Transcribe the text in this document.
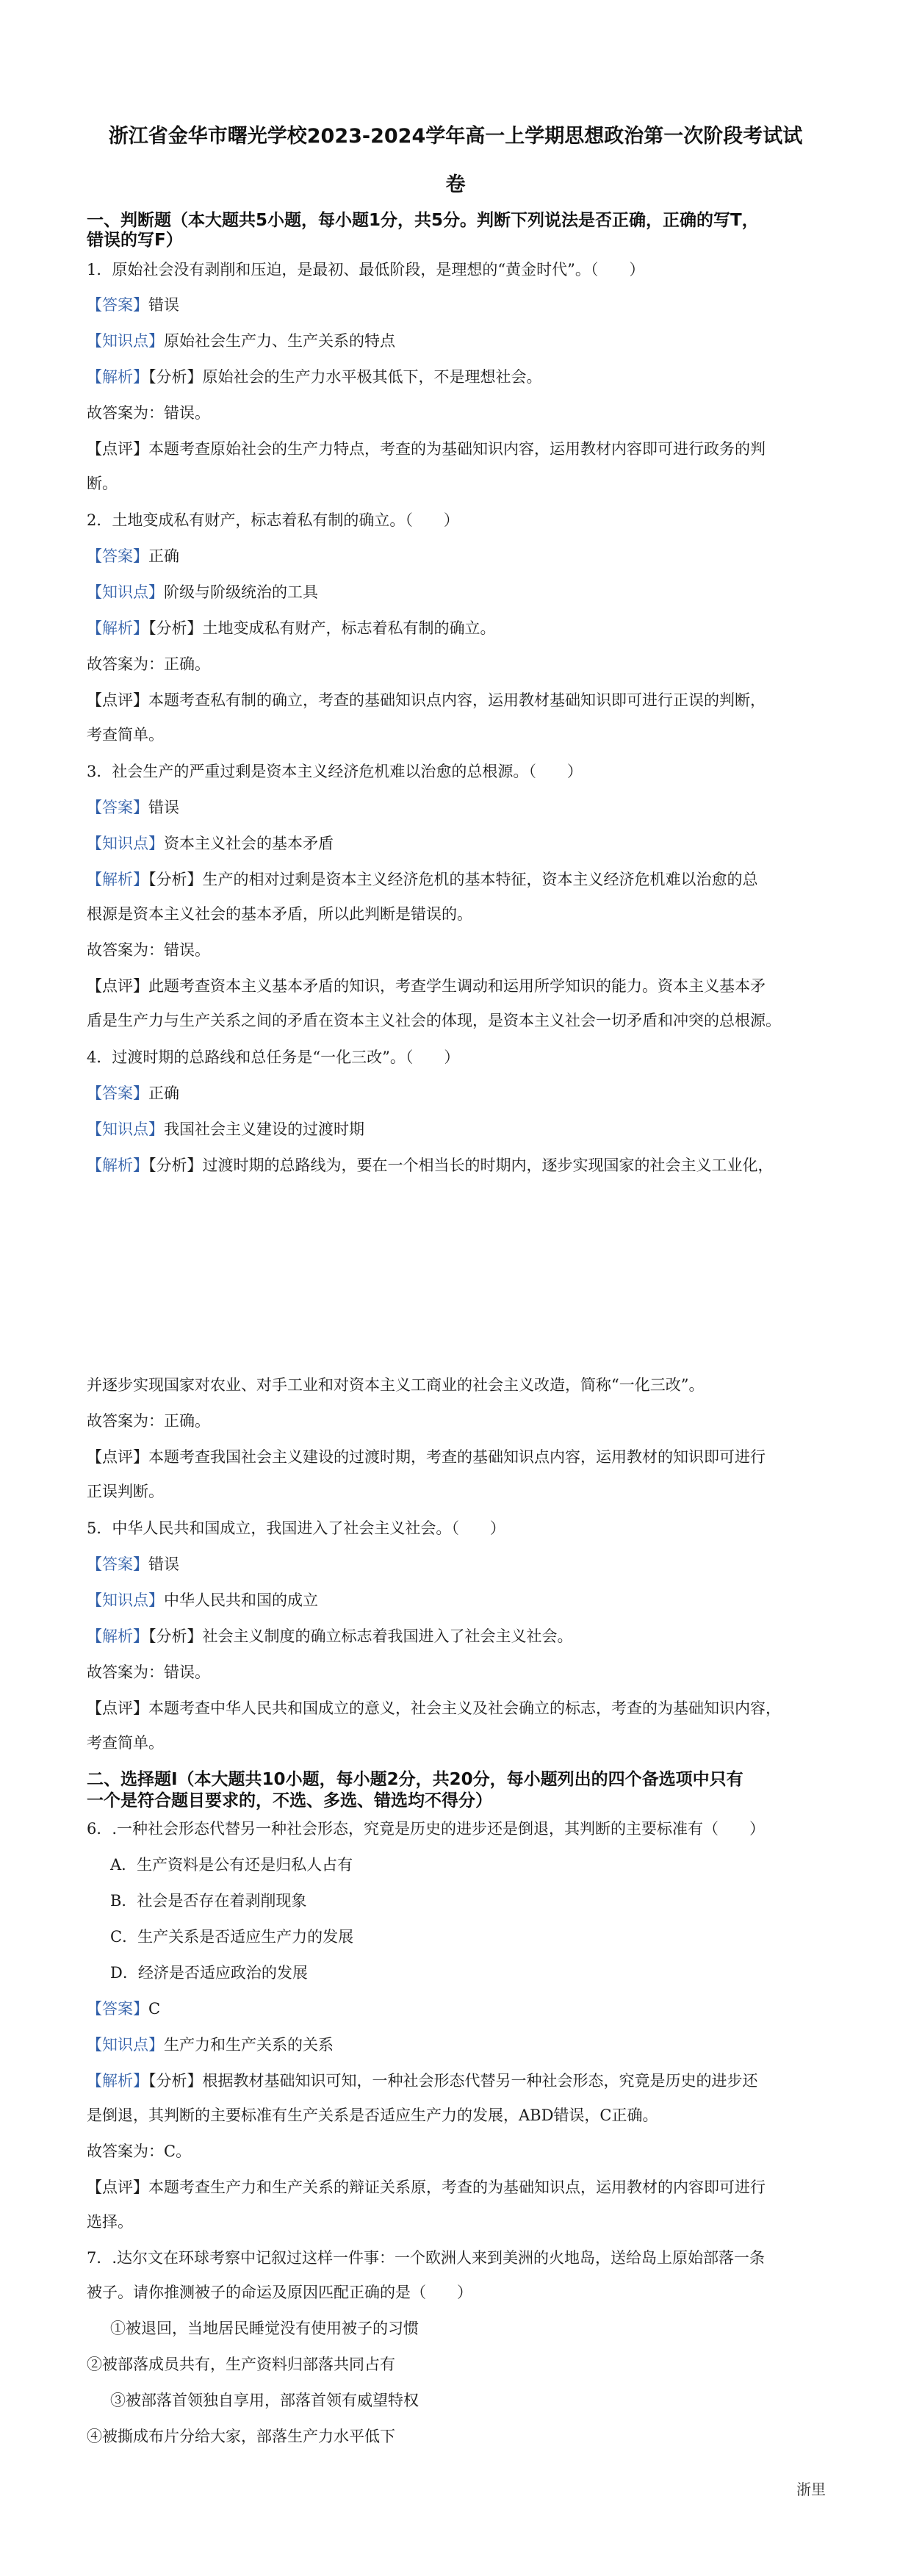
浙江省金华市曙光学校2023-2024学年高一上学期思想政治第一次阶段考试试
卷
一、判断题（本大题共5小题，每小题1分，共5分。判断下列说法是否正确，正确的写T，
错误的写F）
1．原始社会没有剥削和压迫，是最初、最低阶段，是理想的“黄金时代”。（　　）
【答案】错误
【知识点】原始社会生产力、生产关系的特点
【解析】【分析】原始社会的生产力水平极其低下，不是理想社会。
故答案为：错误。
【点评】本题考查原始社会的生产力特点，考查的为基础知识内容，运用教材内容即可进行政务的判
断。
2．土地变成私有财产，标志着私有制的确立。（　　）
【答案】正确
【知识点】阶级与阶级统治的工具
【解析】【分析】土地变成私有财产，标志着私有制的确立。
故答案为：正确。
【点评】本题考查私有制的确立，考查的基础知识点内容，运用教材基础知识即可进行正误的判断，
考查简单。
3．社会生产的严重过剩是资本主义经济危机难以治愈的总根源。（　　）
【答案】错误
【知识点】资本主义社会的基本矛盾
【解析】【分析】生产的相对过剩是资本主义经济危机的基本特征，资本主义经济危机难以治愈的总
根源是资本主义社会的基本矛盾，所以此判断是错误的。
故答案为：错误。
【点评】此题考查资本主义基本矛盾的知识，考查学生调动和运用所学知识的能力。资本主义基本矛
盾是生产力与生产关系之间的矛盾在资本主义社会的体现，是资本主义社会一切矛盾和冲突的总根源。
4．过渡时期的总路线和总任务是“一化三改”。（　　）
【答案】正确
【知识点】我国社会主义建设的过渡时期
【解析】【分析】过渡时期的总路线为，要在一个相当长的时期内，逐步实现国家的社会主义工业化，
并逐步实现国家对农业、对手工业和对资本主义工商业的社会主义改造，简称“一化三改”。
故答案为：正确。
【点评】本题考查我国社会主义建设的过渡时期，考查的基础知识点内容，运用教材的知识即可进行
正误判断。
5．中华人民共和国成立，我国进入了社会主义社会。（　　）
【答案】错误
【知识点】中华人民共和国的成立
【解析】【分析】社会主义制度的确立标志着我国进入了社会主义社会。
故答案为：错误。
【点评】本题考查中华人民共和国成立的意义，社会主义及社会确立的标志，考查的为基础知识内容，
考查简单。
二、选择题Ⅰ（本大题共10小题，每小题2分，共20分，每小题列出的四个备选项中只有
一个是符合题目要求的，不选、多选、错选均不得分）
6．.一种社会形态代替另一种社会形态，究竟是历史的进步还是倒退，其判断的主要标准有（　　）
A．生产资料是公有还是归私人占有
B．社会是否存在着剥削现象
C．生产关系是否适应生产力的发展
D．经济是否适应政治的发展
【答案】C
【知识点】生产力和生产关系的关系
【解析】【分析】根据教材基础知识可知，一种社会形态代替另一种社会形态，究竟是历史的进步还
是倒退，其判断的主要标准有生产关系是否适应生产力的发展，ABD错误，C正确。
故答案为：C。
【点评】本题考查生产力和生产关系的辩证关系原，考查的为基础知识点，运用教材的内容即可进行
选择。
7．.达尔文在环球考察中记叙过这样一件事：一个欧洲人来到美洲的火地岛，送给岛上原始部落一条
被子。请你推测被子的命运及原因匹配正确的是（　　）
①被退回，当地居民睡觉没有使用被子的习惯
②被部落成员共有，生产资料归部落共同占有
③被部落首领独自享用，部落首领有威望特权
④被撕成布片分给大家，部落生产力水平低下
浙里
